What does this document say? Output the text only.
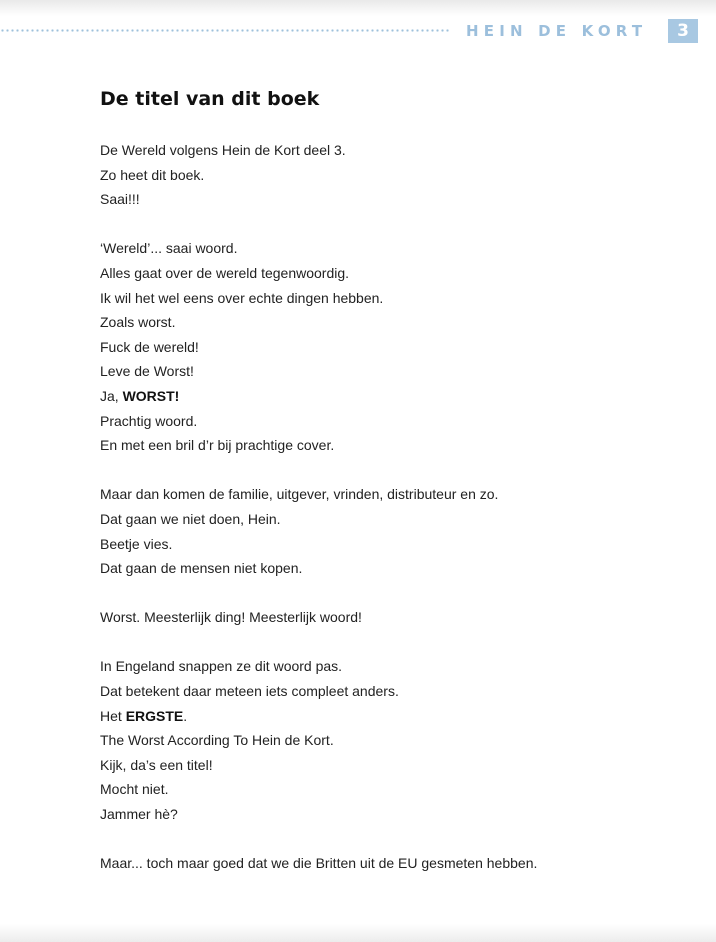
HEIN DE KORT	3
De titel van dit boek
De Wereld volgens Hein de Kort deel 3.
Zo heet dit boek.
Saai!!!
‘Wereld’... saai woord.
Alles gaat over de wereld tegenwoordig.
Ik wil het wel eens over echte dingen hebben.
Zoals worst.
Fuck de wereld!
Leve de Worst!
Ja, WORST!
Prachtig woord.
En met een bril d’r bij prachtige cover.
Maar dan komen de familie, uitgever, vrinden, distributeur en zo.
Dat gaan we niet doen, Hein.
Beetje vies.
Dat gaan de mensen niet kopen.
Worst. Meesterlijk ding! Meesterlijk woord!
In Engeland snappen ze dit woord pas.
Dat betekent daar meteen iets compleet anders.
Het ERGSTE.
The Worst According To Hein de Kort.
Kijk, da’s een titel!
Mocht niet.
Jammer hè?
Maar... toch maar goed dat we die Britten uit de EU gesmeten hebben.
